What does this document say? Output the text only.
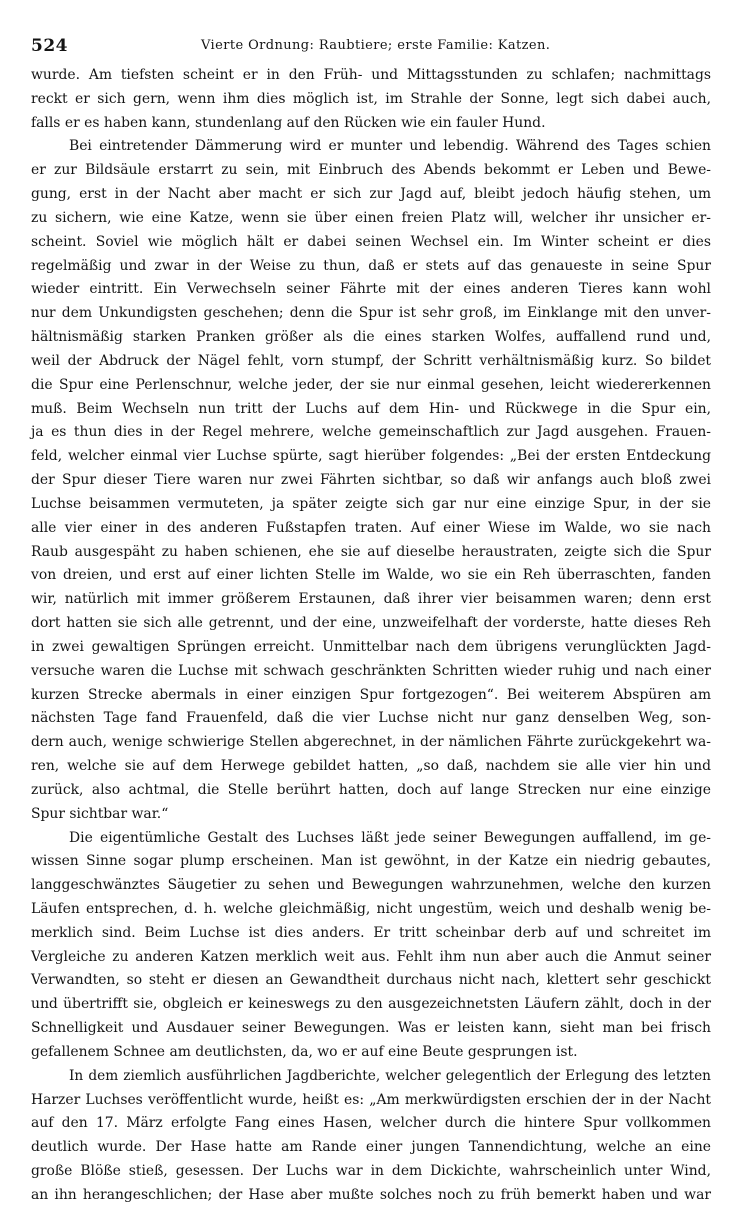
524	Vierte Ordnung: Raubtiere; erste Familie: Katzen.
wurde. Am tiefsten scheint er in den Früh- und Mittagsstunden zu schlafen; nachmittags
reckt er sich gern, wenn ihm dies möglich ist, im Strahle der Sonne, legt sich dabei auch,
falls er es haben kann, stundenlang auf den Rücken wie ein fauler Hund.
Bei eintretender Dämmerung wird er munter und lebendig. Während des Tages schien
er zur Bildsäule erstarrt zu sein, mit Einbruch des Abends bekommt er Leben und Bewe-
gung, erst in der Nacht aber macht er sich zur Jagd auf, bleibt jedoch häufig stehen, um
zu sichern, wie eine Katze, wenn sie über einen freien Platz will, welcher ihr unsicher er-
scheint. Soviel wie möglich hält er dabei seinen Wechsel ein. Im Winter scheint er dies
regelmäßig und zwar in der Weise zu thun, daß er stets auf das genaueste in seine Spur
wieder eintritt. Ein Verwechseln seiner Fährte mit der eines anderen Tieres kann wohl
nur dem Unkundigsten geschehen; denn die Spur ist sehr groß, im Einklange mit den unver-
hältnismäßig starken Pranken größer als die eines starken Wolfes, auffallend rund und,
weil der Abdruck der Nägel fehlt, vorn stumpf, der Schritt verhältnismäßig kurz. So bildet
die Spur eine Perlenschnur, welche jeder, der sie nur einmal gesehen, leicht wiedererkennen
muß. Beim Wechseln nun tritt der Luchs auf dem Hin- und Rückwege in die Spur ein,
ja es thun dies in der Regel mehrere, welche gemeinschaftlich zur Jagd ausgehen. Frauen-
feld, welcher einmal vier Luchse spürte, sagt hierüber folgendes: „Bei der ersten Entdeckung
der Spur dieser Tiere waren nur zwei Fährten sichtbar, so daß wir anfangs auch bloß zwei
Luchse beisammen vermuteten, ja später zeigte sich gar nur eine einzige Spur, in der sie
alle vier einer in des anderen Fußstapfen traten. Auf einer Wiese im Walde, wo sie nach
Raub ausgespäht zu haben schienen, ehe sie auf dieselbe heraustraten, zeigte sich die Spur
von dreien, und erst auf einer lichten Stelle im Walde, wo sie ein Reh überraschten, fanden
wir, natürlich mit immer größerem Erstaunen, daß ihrer vier beisammen waren; denn erst
dort hatten sie sich alle getrennt, und der eine, unzweifelhaft der vorderste, hatte dieses Reh
in zwei gewaltigen Sprüngen erreicht. Unmittelbar nach dem übrigens verunglückten Jagd-
versuche waren die Luchse mit schwach geschränkten Schritten wieder ruhig und nach einer
kurzen Strecke abermals in einer einzigen Spur fortgezogen“. Bei weiterem Abspüren am
nächsten Tage fand Frauenfeld, daß die vier Luchse nicht nur ganz denselben Weg, son-
dern auch, wenige schwierige Stellen abgerechnet, in der nämlichen Fährte zurückgekehrt wa-
ren, welche sie auf dem Herwege gebildet hatten, „so daß, nachdem sie alle vier hin und
zurück, also achtmal, die Stelle berührt hatten, doch auf lange Strecken nur eine einzige
Spur sichtbar war.“
Die eigentümliche Gestalt des Luchses läßt jede seiner Bewegungen auffallend, im ge-
wissen Sinne sogar plump erscheinen. Man ist gewöhnt, in der Katze ein niedrig gebautes,
langgeschwänztes Säugetier zu sehen und Bewegungen wahrzunehmen, welche den kurzen
Läufen entsprechen, d. h. welche gleichmäßig, nicht ungestüm, weich und deshalb wenig be-
merklich sind. Beim Luchse ist dies anders. Er tritt scheinbar derb auf und schreitet im
Vergleiche zu anderen Katzen merklich weit aus. Fehlt ihm nun aber auch die Anmut seiner
Verwandten, so steht er diesen an Gewandtheit durchaus nicht nach, klettert sehr geschickt
und übertrifft sie, obgleich er keineswegs zu den ausgezeichnetsten Läufern zählt, doch in der
Schnelligkeit und Ausdauer seiner Bewegungen. Was er leisten kann, sieht man bei frisch
gefallenem Schnee am deutlichsten, da, wo er auf eine Beute gesprungen ist.
In dem ziemlich ausführlichen Jagdberichte, welcher gelegentlich der Erlegung des letzten
Harzer Luchses veröffentlicht wurde, heißt es: „Am merkwürdigsten erschien der in der Nacht
auf den 17. März erfolgte Fang eines Hasen, welcher durch die hintere Spur vollkommen
deutlich wurde. Der Hase hatte am Rande einer jungen Tannendichtung, welche an eine
große Blöße stieß, gesessen. Der Luchs war in dem Dickichte, wahrscheinlich unter Wind,
an ihn herangeschlichen; der Hase aber mußte solches noch zu früh bemerkt haben und war
